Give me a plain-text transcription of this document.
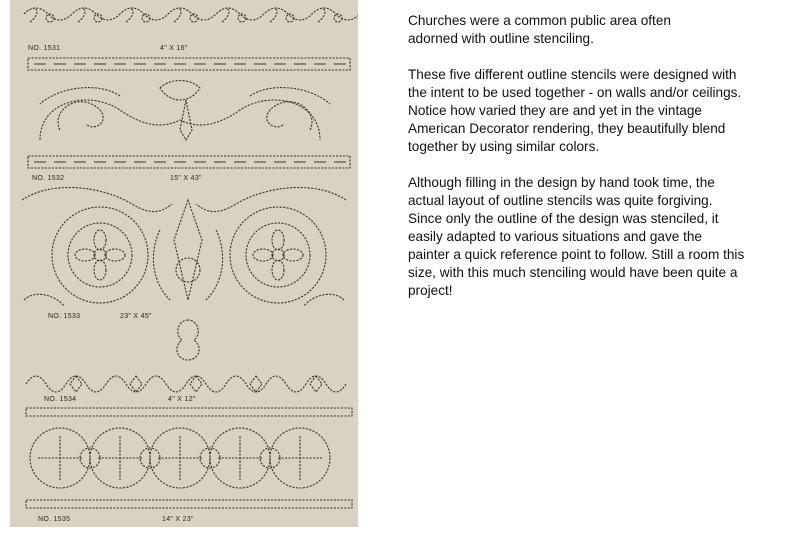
NO. 1531	4" X 16"
NO. 1532	15" X 43"
NO. 1533	23" X 45"
NO. 1534	4" X 12"
NO. 1535	14" X 23"

Churches were a common public area often
adorned with outline stenciling.

These five different outline stencils were designed with
the intent to be used together - on walls and/or ceilings.
Notice how varied they are and yet in the vintage
American Decorator rendering, they beautifully blend
together by using similar colors.

Although filling in the design by hand took time, the
actual layout of outline stencils was quite forgiving.
Since only the outline of the design was stenciled, it
easily adapted to various situations and gave the
painter a quick reference point to follow. Still a room this
size, with this much stenciling would have been quite a
project!
